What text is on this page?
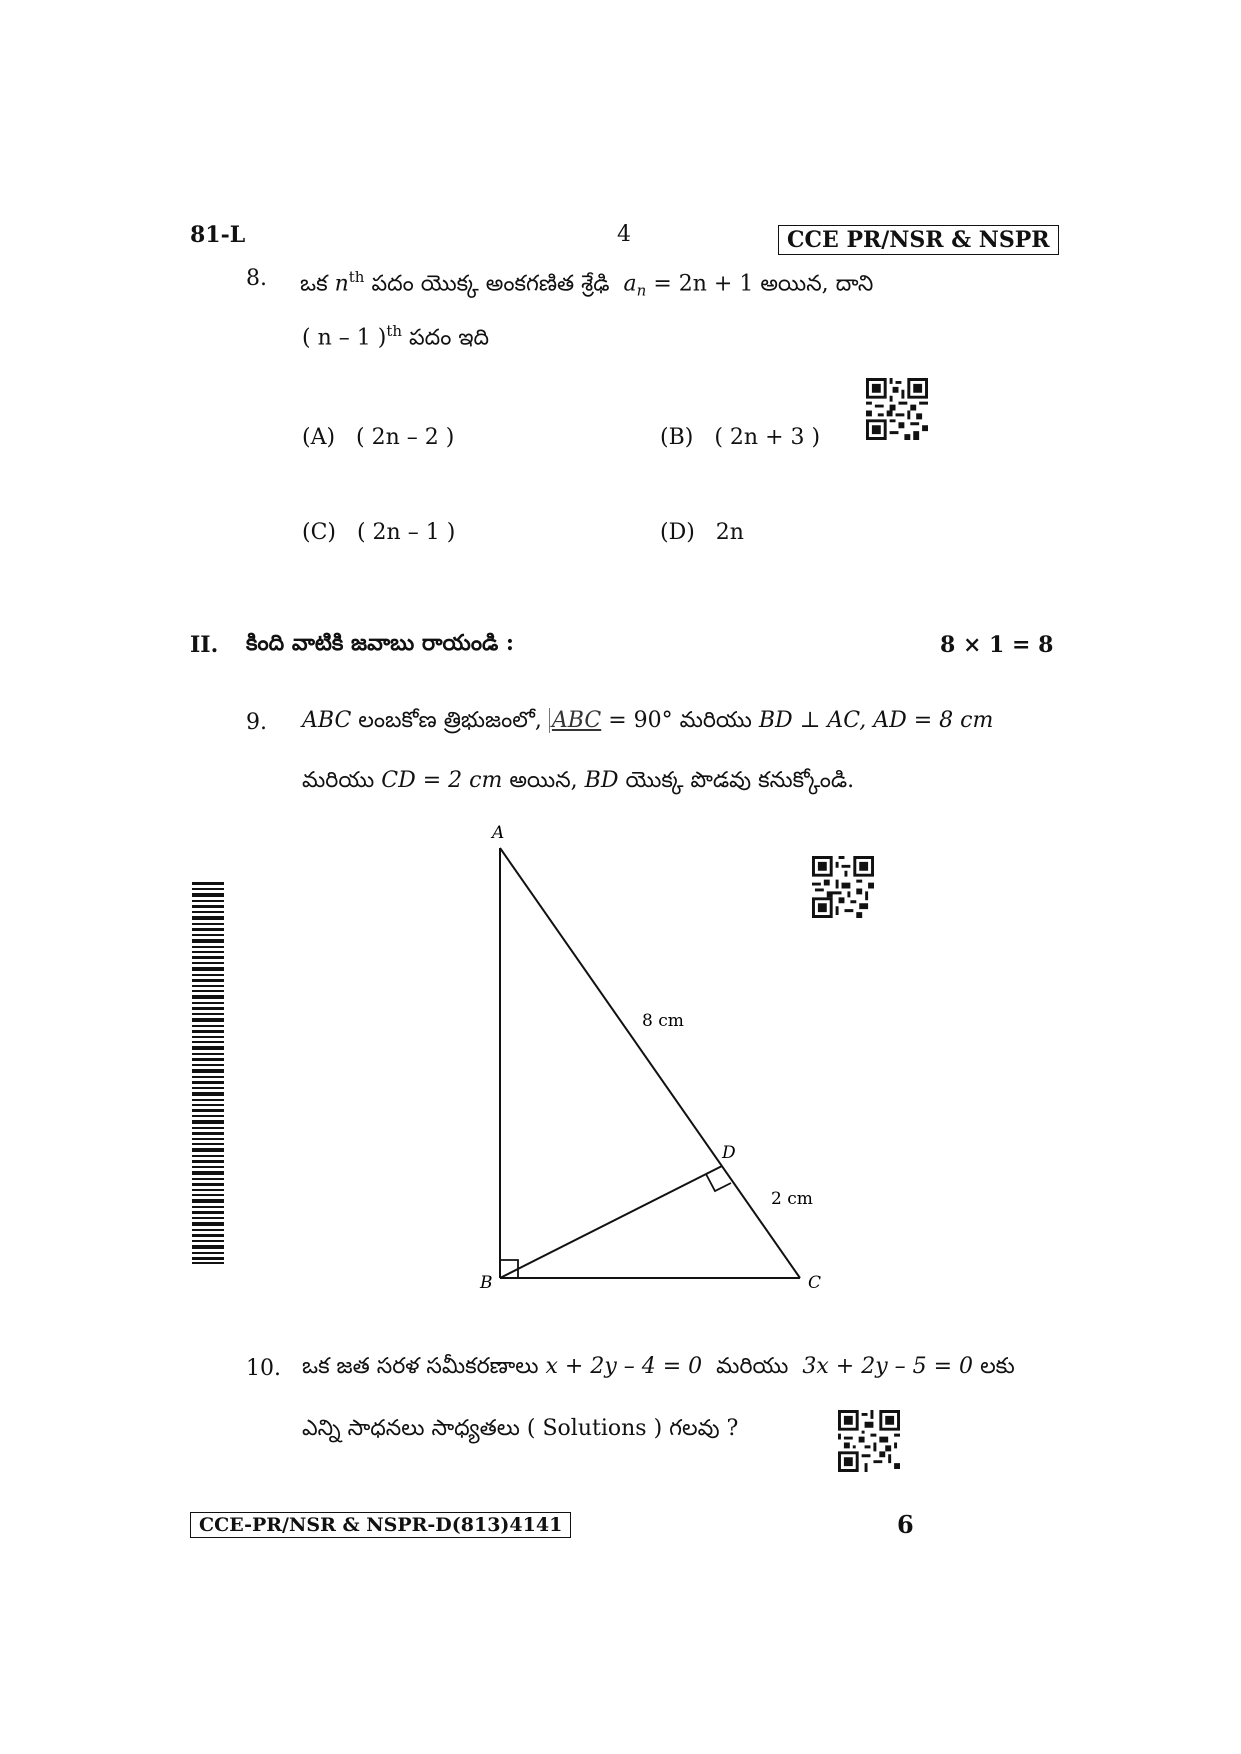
81-L	4	CCE PR/NSR & NSPR
8. ఒక $n^{th}$ పదం యొక్క అంకగణిత శ్రేఢి $a_n = 2n + 1$ అయిన, దాని
( n – 1 )$^{th}$ పదం ఇది
(A) ( 2n – 2 )	(B) ( 2n + 3 )
(C) ( 2n – 1 )	(D) 2n
II. కింది వాటికి జవాబు రాయండి :	8 × 1 = 8
9. ABC లంబకోణ త్రిభుజంలో, ABC = 90° మరియు BD ⊥ AC, AD = 8 cm
మరియు CD = 2 cm అయిన, BD యొక్క పొడవు కనుక్కోండి.
A
B	C
D
8 cm
2 cm
10. ఒక జత సరళ సమీకరణాలు x + 2y – 4 = 0 మరియు 3x + 2y – 5 = 0 లకు
ఎన్ని సాధనలు సాధ్యతలు ( Solutions ) గలవు ?
CCE-PR/NSR & NSPR-D(813)4141	6
